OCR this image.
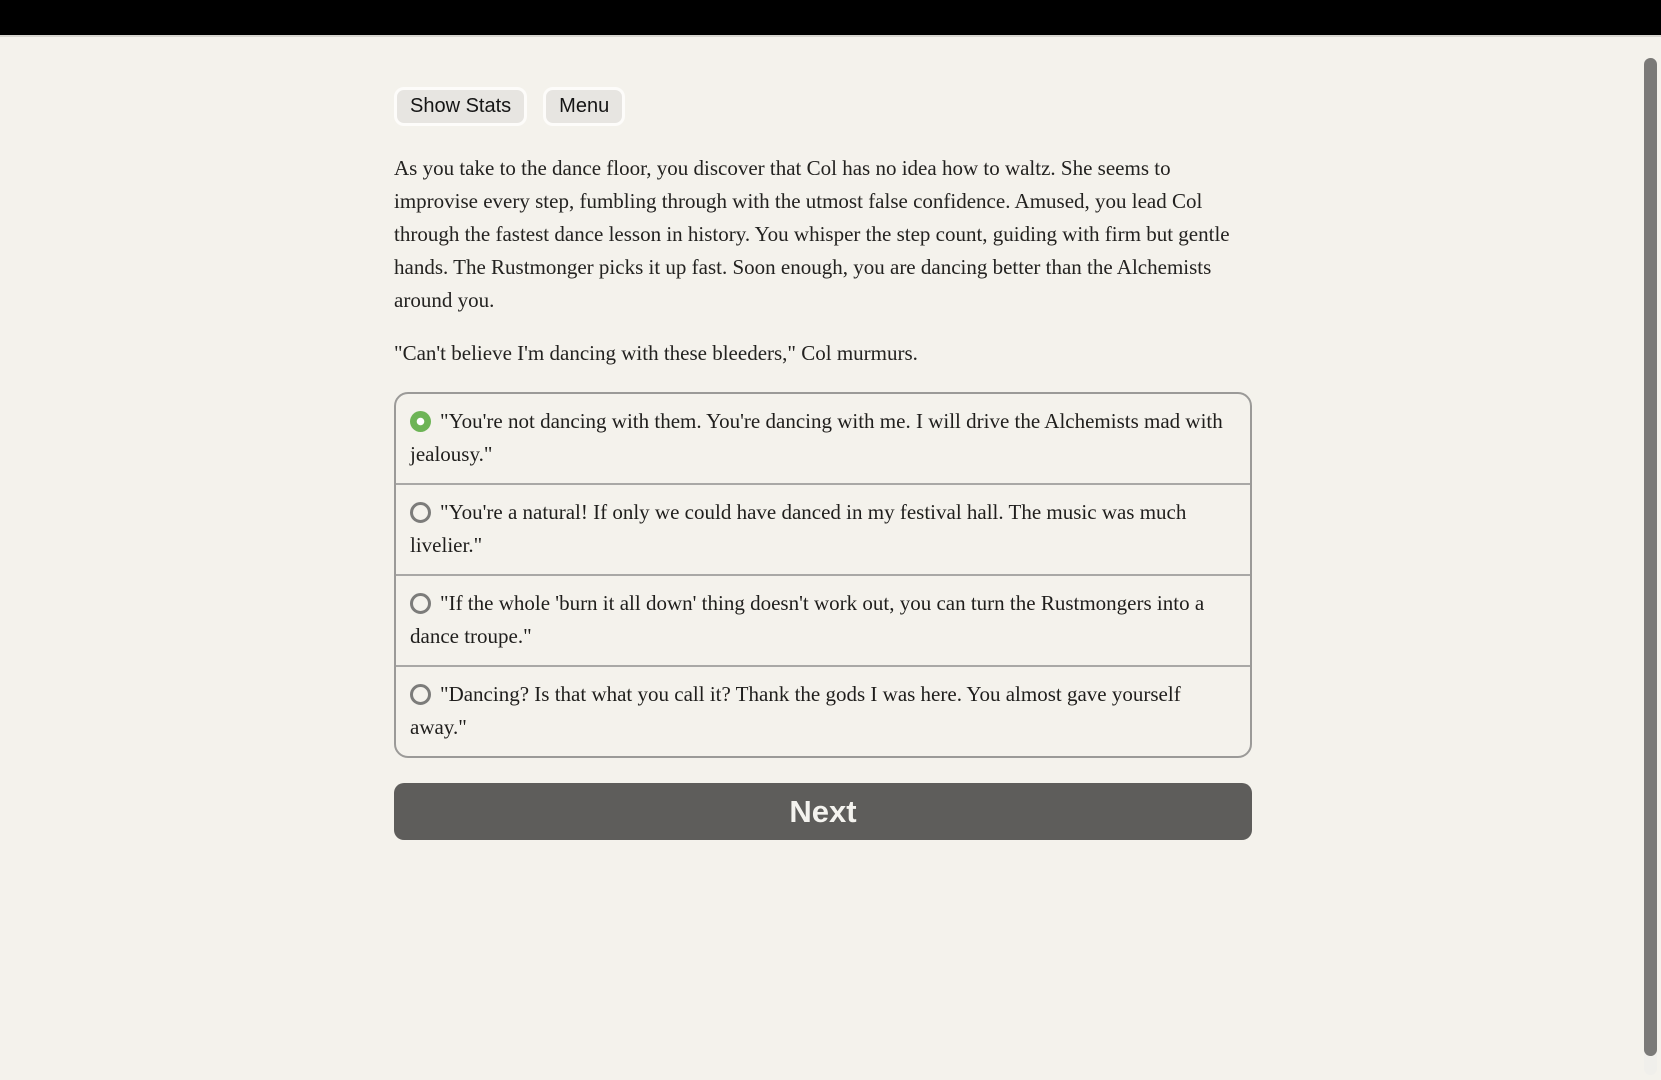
Show Stats	Menu

As you take to the dance floor, you discover that Col has no idea how to waltz. She seems to improvise every step, fumbling through with the utmost false confidence. Amused, you lead Col through the fastest dance lesson in history. You whisper the step count, guiding with firm but gentle hands. The Rustmonger picks it up fast. Soon enough, you are dancing better than the Alchemists around you.

"Can't believe I'm dancing with these bleeders," Col murmurs.

"You're not dancing with them. You're dancing with me. I will drive the Alchemists mad with jealousy."
"You're a natural! If only we could have danced in my festival hall. The music was much livelier."
"If the whole 'burn it all down' thing doesn't work out, you can turn the Rustmongers into a dance troupe."
"Dancing? Is that what you call it? Thank the gods I was here. You almost gave yourself away."
Next
